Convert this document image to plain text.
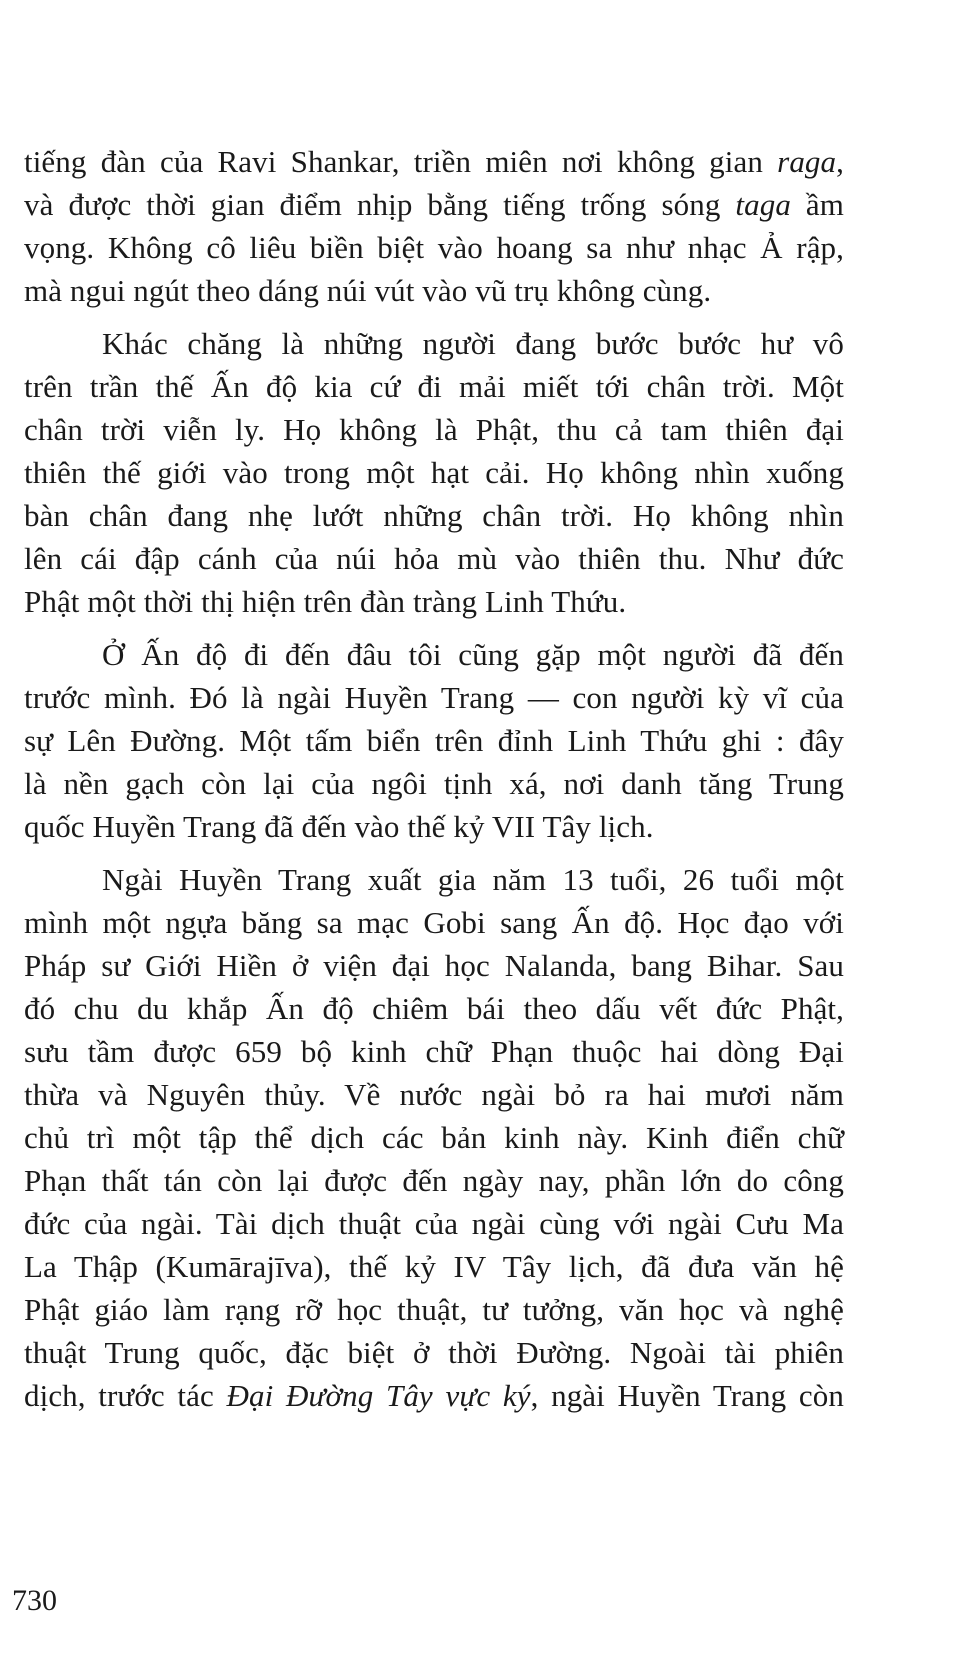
tiếng đàn của Ravi Shankar, triền miên nơi không gian raga,
và được thời gian điểm nhịp bằng tiếng trống sóng taga ầm
vọng. Không cô liêu biền biệt vào hoang sa như nhạc Ả rập,
mà ngui ngút theo dáng núi vút vào vũ trụ không cùng.

Khác chăng là những người đang bước bước hư vô
trên trần thế Ấn độ kia cứ đi mải miết tới chân trời. Một
chân trời viễn ly. Họ không là Phật, thu cả tam thiên đại
thiên thế giới vào trong một hạt cải. Họ không nhìn xuống
bàn chân đang nhẹ lướt những chân trời. Họ không nhìn
lên cái đập cánh của núi hỏa mù vào thiên thu. Như đức
Phật một thời thị hiện trên đàn tràng Linh Thứu.

Ở Ấn độ đi đến đâu tôi cũng gặp một người đã đến
trước mình. Đó là ngài Huyền Trang — con người kỳ vĩ của
sự Lên Đường. Một tấm biển trên đỉnh Linh Thứu ghi : đây
là nền gạch còn lại của ngôi tịnh xá, nơi danh tăng Trung
quốc Huyền Trang đã đến vào thế kỷ VII Tây lịch.

Ngài Huyền Trang xuất gia năm 13 tuổi, 26 tuổi một
mình một ngựa băng sa mạc Gobi sang Ấn độ. Học đạo với
Pháp sư Giới Hiền ở viện đại học Nalanda, bang Bihar. Sau
đó chu du khắp Ấn độ chiêm bái theo dấu vết đức Phật,
sưu tầm được 659 bộ kinh chữ Phạn thuộc hai dòng Đại
thừa và Nguyên thủy. Về nước ngài bỏ ra hai mươi năm
chủ trì một tập thể dịch các bản kinh này. Kinh điển chữ
Phạn thất tán còn lại được đến ngày nay, phần lớn do công
đức của ngài. Tài dịch thuật của ngài cùng với ngài Cưu Ma
La Thập (Kumārajīva), thế kỷ IV Tây lịch, đã đưa văn hệ
Phật giáo làm rạng rỡ học thuật, tư tưởng, văn học và nghệ
thuật Trung quốc, đặc biệt ở thời Đường. Ngoài tài phiên
dịch, trước tác Đại Đường Tây vực ký, ngài Huyền Trang còn

730
